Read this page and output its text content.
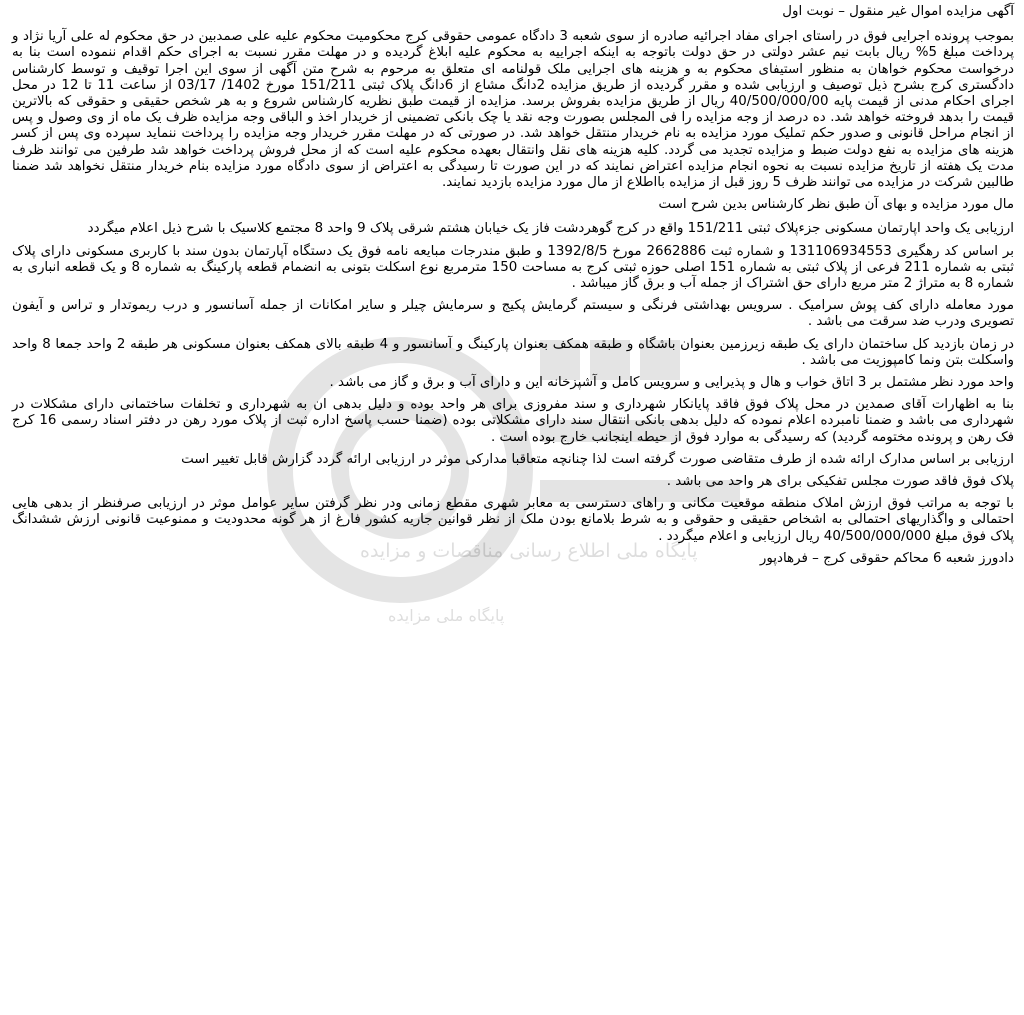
پایگاه ملی اطلاع رسانی مناقصات و مزایده
پایگاه ملی مزایده
آگهی مزایده اموال غیر منقول – نوبت اول
بموجب پرونده اجرایی فوق در راستای اجرای مفاد اجرائیه صادره از سوی شعبه 3 دادگاه عمومی حقوقی کرج محکومیت محکوم علیه علی صمدبین در حق محکوم له علی آریا نژاد و پرداخت مبلغ 5% ریال بابت نیم عشر دولتی در حق دولت باتوجه به اینکه اجراییه به محکوم علیه ابلاغ گردیده و در مهلت مقرر نسبت به اجرای حکم اقدام ننموده است بنا به درخواست محکوم خواهان به منظور استیفای محکوم به و هزینه های اجرایی ملک قولنامه ای متعلق به مرحوم به شرح متن آگهی از سوی این اجرا توقیف و توسط کارشناس دادگستری کرج بشرح ذیل توصیف و ارزیابی شده و مقرر گردیده از طریق مزایده 2دانگ مشاع از 6دانگ پلاک ثبتی 151/211 مورخ 1402/ 03/17 از ساعت 11 تا 12 در محل اجرای احکام مدنی از قیمت پایه 40/500/000/00 ریال از طریق مزایده بفروش برسد. مزایده از قیمت طبق نظریه کارشناس شروع و به هر شخص حقیقی و حقوقی که بالاترین قیمت را بدهد فروخته خواهد شد. ده درصد از وجه مزایده را فی المجلس بصورت وجه نقد یا چک بانکی تضمینی از خریدار اخذ و الباقی وجه مزایده ظرف یک ماه از وی وصول و پس از انجام مراحل قانونی و صدور حکم تملیک مورد مزایده به نام خریدار منتقل خواهد شد. در صورتی که در مهلت مقرر خریدار وجه مزایده را پرداخت ننماید سپرده وی پس از کسر هزینه های مزایده به نفع دولت ضبط و مزایده تجدید می گردد. کلیه هزینه های نقل وانتقال بعهده محکوم علیه است که از محل فروش پرداخت خواهد شد طرفین می توانند ظرف مدت یک هفته از تاریخ مزایده نسبت به نحوه انجام مزایده اعتراض نمایند که در این صورت تا رسیدگی به اعتراض از سوی دادگاه مورد مزایده بنام خریدار منتقل نخواهد شد ضمنا طالبین شرکت در مزایده می توانند ظرف 5 روز قبل از مزایده بااطلاع از مال مورد مزایده بازدید نمایند.
مال مورد مزایده و بهای آن طبق نظر کارشناس بدین شرح است
ارزیابی یک واحد اپارتمان مسکونی جزءپلاک ثبتی 151/211 واقع در کرج گوهردشت فاز یک خیابان هشتم شرقی پلاک 9 واحد 8 مجتمع کلاسیک با شرح ذیل اعلام میگردد
بر اساس کد رهگیری 131106934553 و شماره ثبت 2662886 مورخ 1392/8/5 و طبق مندرجات مبایعه نامه فوق یک دستگاه آپارتمان بدون سند با کاربری مسکونی دارای پلاک ثبتی به شماره 211 فرعی از پلاک ثبتی به شماره 151 اصلی حوزه ثبتی کرج به مساحت 150 مترمربع نوع اسکلت بتونی به انضمام قطعه پارکینگ به شماره 8 و یک قطعه انباری به شماره 8 به متراژ 2 متر مربع دارای حق اشتراک از جمله آب و برق گاز میباشد .
مورد معامله دارای کف پوش سرامیک . سرویس بهداشتی فرنگی و سیستم گرمایش پکیج و سرمایش چیلر و سایر امکانات از جمله آسانسور و درب ریموتدار و تراس و آیفون تصویری ودرب ضد سرقت می باشد .
در زمان بازدید کل ساختمان دارای یک طبقه زیرزمین بعنوان باشگاه و طبقه همکف بعنوان پارکینگ و آسانسور و 4 طبقه بالای همکف بعنوان مسکونی هر طبقه 2 واحد جمعا 8 واحد واسکلت بتن ونما کامپوزیت می باشد .
واحد مورد نظر مشتمل بر 3 اتاق خواب و هال و پذیرایی و سرویس کامل و آشپزخانه این و دارای آب و برق و گاز می باشد .
بنا به اظهارات آقای صمدین در محل پلاک فوق فاقد پایانکار شهرداری و سند مفروزی برای هر واحد بوده و دلیل بدهی ان به شهرداری و تخلفات ساختمانی دارای مشکلات در شهرداری می باشد و ضمنا نامبرده اعلام نموده که دلیل بدهی بانکی انتقال سند دارای مشکلاتی بوده (ضمنا حسب پاسخ اداره ثبت از پلاک مورد رهن در دفتر اسناد رسمی 16 کرج فک رهن و پرونده مختومه گردید) که رسیدگی به موارد فوق از حیطه اینجانب خارج بوده است .
ارزیابی بر اساس مدارک ارائه شده از طرف متقاضی صورت گرفته است لذا چنانچه متعاقبا مدارکی موثر در ارزیابی ارائه گردد گزارش قابل تغییر است
پلاک فوق فاقد صورت مجلس تفکیکی برای هر واحد می باشد .
با توجه به مراتب فوق ارزش املاک منطقه موقعیت مکانی و راهای دسترسی به معابر شهری مقطع زمانی ودر نظر گرفتن سایر عوامل موثر در ارزیابی صرفنظر از بدهی هایی احتمالی و واگذاریهای احتمالی به اشخاص حقیقی و حقوقی و به شرط بلامانع بودن ملک از نظر قوانین جاریه کشور فارغ از هر گونه محدودیت و ممنوعیت قانونی ارزش ششدانگ پلاک فوق مبلغ 40/500/000/000 ریال ارزیابی و اعلام میگردد .
دادورز شعبه 6 محاکم حقوقی کرج – فرهادپور
